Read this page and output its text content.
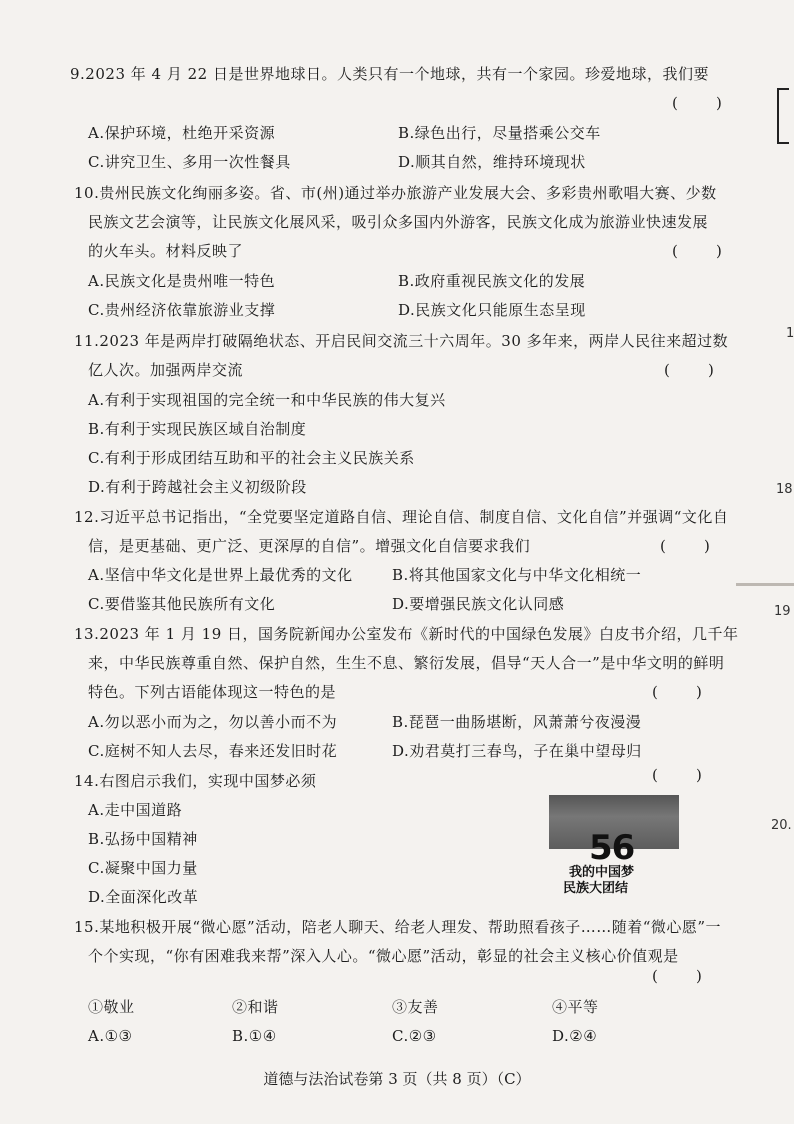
9.2023 年 4 月 22 日是世界地球日。人类只有一个地球，共有一个家园。珍爱地球，我们要
(        )
A.保护环境，杜绝开采资源	B.绿色出行，尽量搭乘公交车
C.讲究卫生、多用一次性餐具	D.顺其自然，维持环境现状
10.贵州民族文化绚丽多姿。省、市(州)通过举办旅游产业发展大会、多彩贵州歌唱大赛、少数
民族文艺会演等，让民族文化展风采，吸引众多国内外游客，民族文化成为旅游业快速发展
的火车头。材料反映了	(        )
A.民族文化是贵州唯一特色	B.政府重视民族文化的发展
C.贵州经济依靠旅游业支撑	D.民族文化只能原生态呈现
11.2023 年是两岸打破隔绝状态、开启民间交流三十六周年。30 多年来，两岸人民往来超过数
亿人次。加强两岸交流	(        )
A.有利于实现祖国的完全统一和中华民族的伟大复兴
B.有利于实现民族区域自治制度
C.有利于形成团结互助和平的社会主义民族关系
D.有利于跨越社会主义初级阶段
12.习近平总书记指出，“全党要坚定道路自信、理论自信、制度自信、文化自信”并强调“文化自
信，是更基础、更广泛、更深厚的自信”。增强文化自信要求我们	(        )
A.坚信中华文化是世界上最优秀的文化	B.将其他国家文化与中华文化相统一
C.要借鉴其他民族所有文化	D.要增强民族文化认同感
13.2023 年 1 月 19 日，国务院新闻办公室发布《新时代的中国绿色发展》白皮书介绍，几千年
来，中华民族尊重自然、保护自然，生生不息、繁衍发展，倡导“天人合一”是中华文明的鲜明
特色。下列古语能体现这一特色的是	(        )
A.勿以恶小而为之，勿以善小而不为	B.琵琶一曲肠堪断，风萧萧兮夜漫漫
C.庭树不知人去尽，春来还发旧时花	D.劝君莫打三春鸟，子在巢中望母归
14.右图启示我们，实现中国梦必须	(        )
A.走中国道路
B.弘扬中国精神
C.凝聚中国力量
D.全面深化改革
56
我的中国梦
民族大团结
15.某地积极开展“微心愿”活动，陪老人聊天、给老人理发、帮助照看孩子……随着“微心愿”一
个个实现，“你有困难我来帮”深入人心。“微心愿”活动，彰显的社会主义核心价值观是
(        )
①敬业	②和谐	③友善	④平等
A.①③	B.①④	C.②③	D.②④
1
18
19
20.
道德与法治试卷第 3 页（共 8 页）（C）
